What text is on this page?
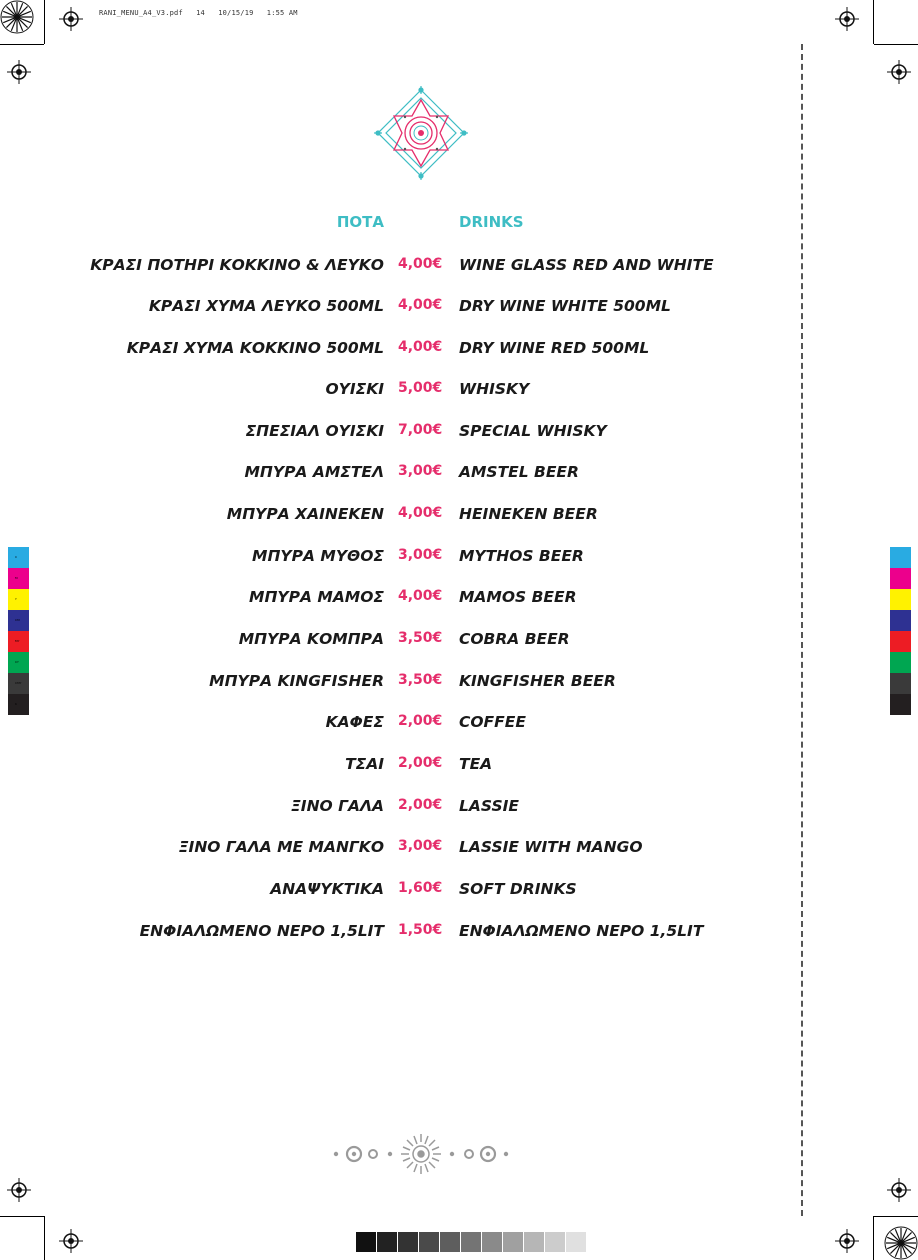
RANI_MENU_A4_V3.pdf 14 10/15/19 1:55 AM
ΠΟΤΑ	DRINKS
ΚΡΑΣΙ ΠΟΤΗΡΙ ΚΟΚΚΙΝΟ & ΛΕΥΚΟ 4,00€ WINE GLASS RED AND WHITE
ΚΡΑΣΙ ΧΥΜΑ ΛΕΥΚΟ 500ML 4,00€ DRY WINE WHITE 500ML
ΚΡΑΣΙ ΧΥΜΑ ΚΟΚΚΙΝΟ 500ML 4,00€ DRY WINE RED 500ML
ΟΥΙΣΚΙ 5,00€ WHISKY
ΣΠΕΣΙΑΛ ΟΥΙΣΚΙ 7,00€ SPECIAL WHISKY
ΜΠΥΡΑ ΑΜΣΤΕΛ 3,00€ AMSTEL BEER
ΜΠΥΡΑ ΧΑΙΝΕΚΕΝ 4,00€ HEINEKEN BEER
ΜΠΥΡΑ ΜΥΘΟΣ 3,00€ MYTHOS BEER
ΜΠΥΡΑ ΜΑΜΟΣ 4,00€ MAMOS BEER
ΜΠΥΡΑ ΚΟΜΠΡΑ 3,50€ COBRA BEER
ΜΠΥΡΑ KINGFISHER 3,50€ KINGFISHER BEER
ΚΑΦΕΣ 2,00€ COFFEE
ΤΣΑΙ 2,00€ TEA
ΞΙΝΟ ΓΑΛΑ 2,00€ LASSIE
ΞΙΝΟ ΓΑΛΑ ΜΕ ΜΑΝΓΚΟ 3,00€ LASSIE WITH MANGO
ΑΝΑΨΥΚΤΙΚΑ 1,60€ SOFT DRINKS
ΕΝΦΙΑΛΩΜΕΝΟ ΝΕΡΟ 1,5LIT 1,50€ ΕΝΦΙΑΛΩΜΕΝΟ ΝΕΡΟ 1,5LIT
C
M
Y
CM
MY
CY
CMY
K
